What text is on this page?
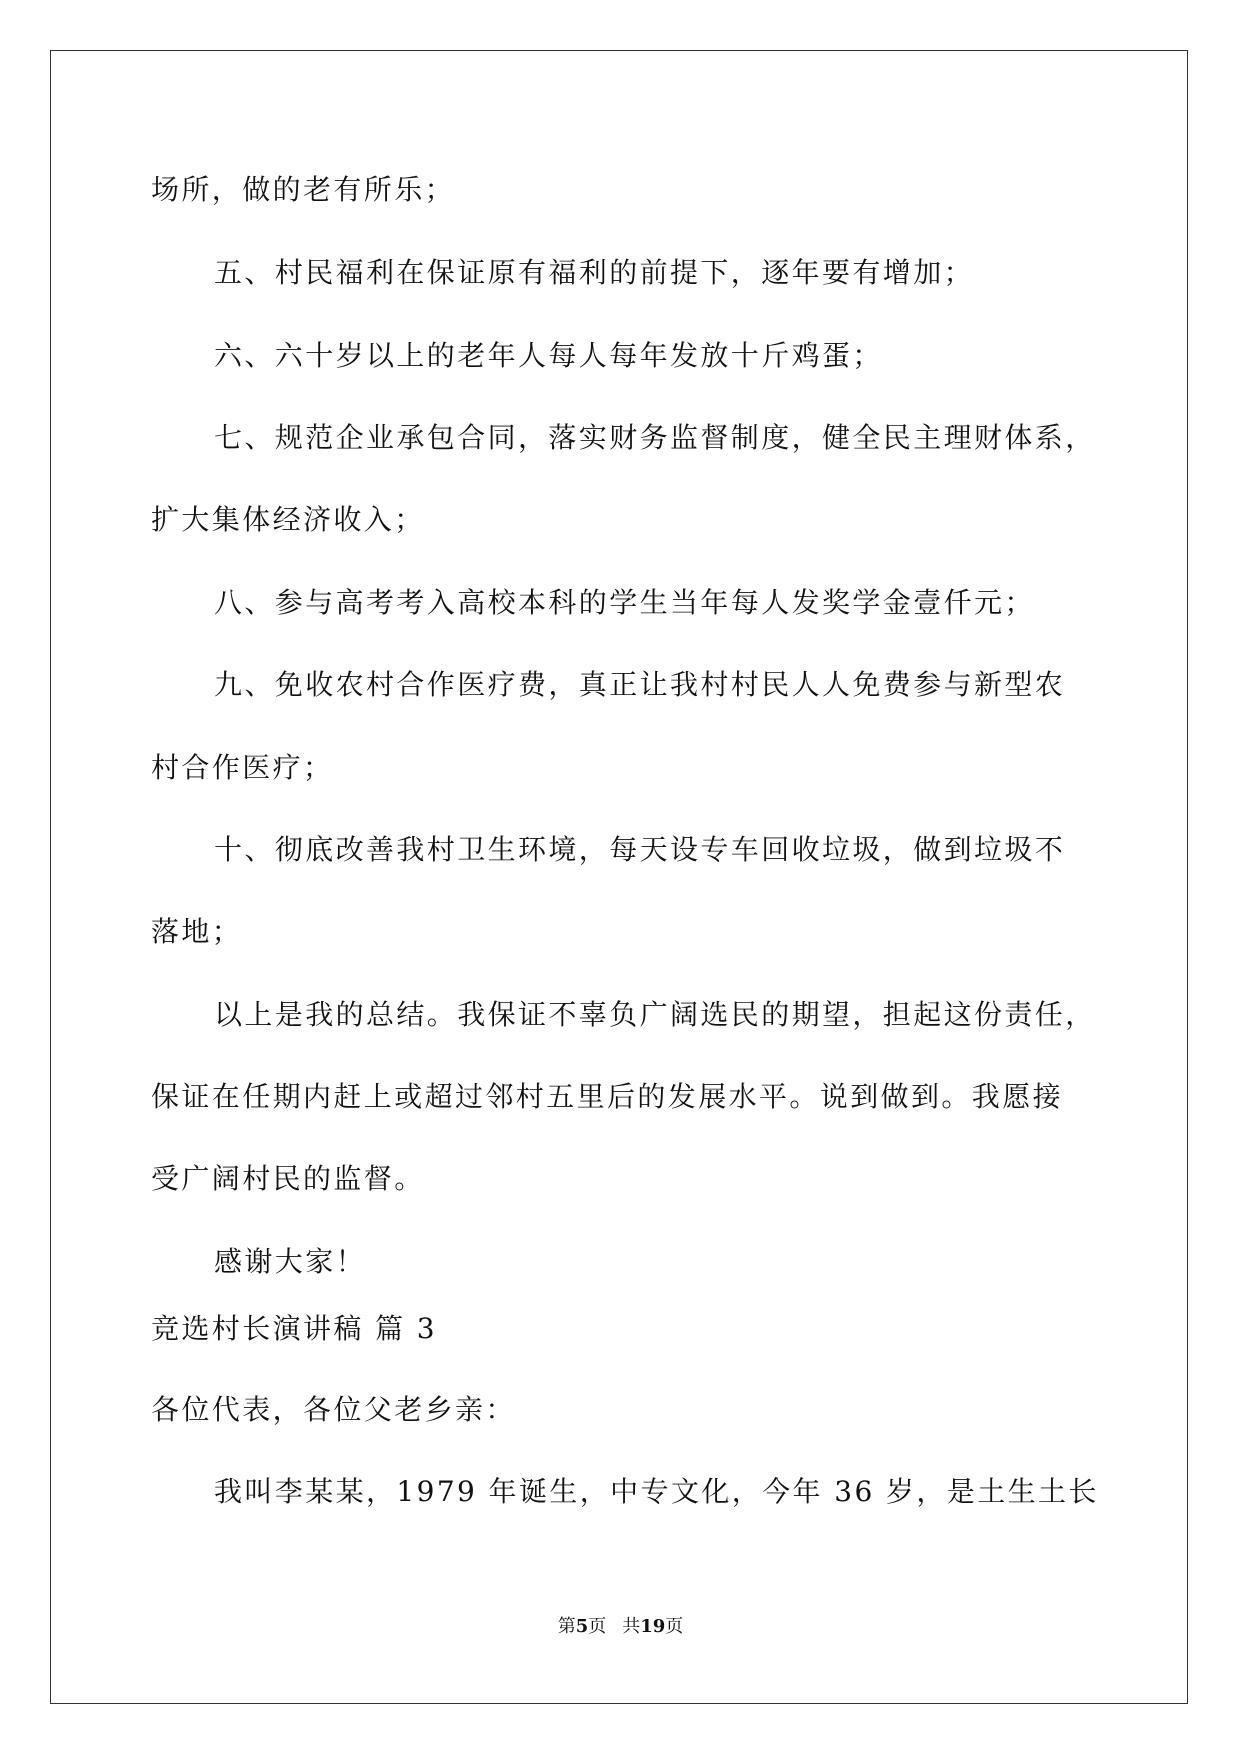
场所，做的老有所乐；
五、村民福利在保证原有福利的前提下，逐年要有增加；
六、六十岁以上的老年人每人每年发放十斤鸡蛋；
七、规范企业承包合同，落实财务监督制度，健全民主理财体系，
扩大集体经济收入；
八、参与高考考入高校本科的学生当年每人发奖学金壹仟元；
九、免收农村合作医疗费，真正让我村村民人人免费参与新型农
村合作医疗；
十、彻底改善我村卫生环境，每天设专车回收垃圾，做到垃圾不
落地；
以上是我的总结。我保证不辜负广阔选民的期望，担起这份责任，
保证在任期内赶上或超过邻村五里后的发展水平。说到做到。我愿接
受广阔村民的监督。
感谢大家！
竞选村长演讲稿 篇 3
各位代表，各位父老乡亲：
我叫李某某，1979 年诞生，中专文化，今年 36 岁，是土生土长
第5页 共19页
